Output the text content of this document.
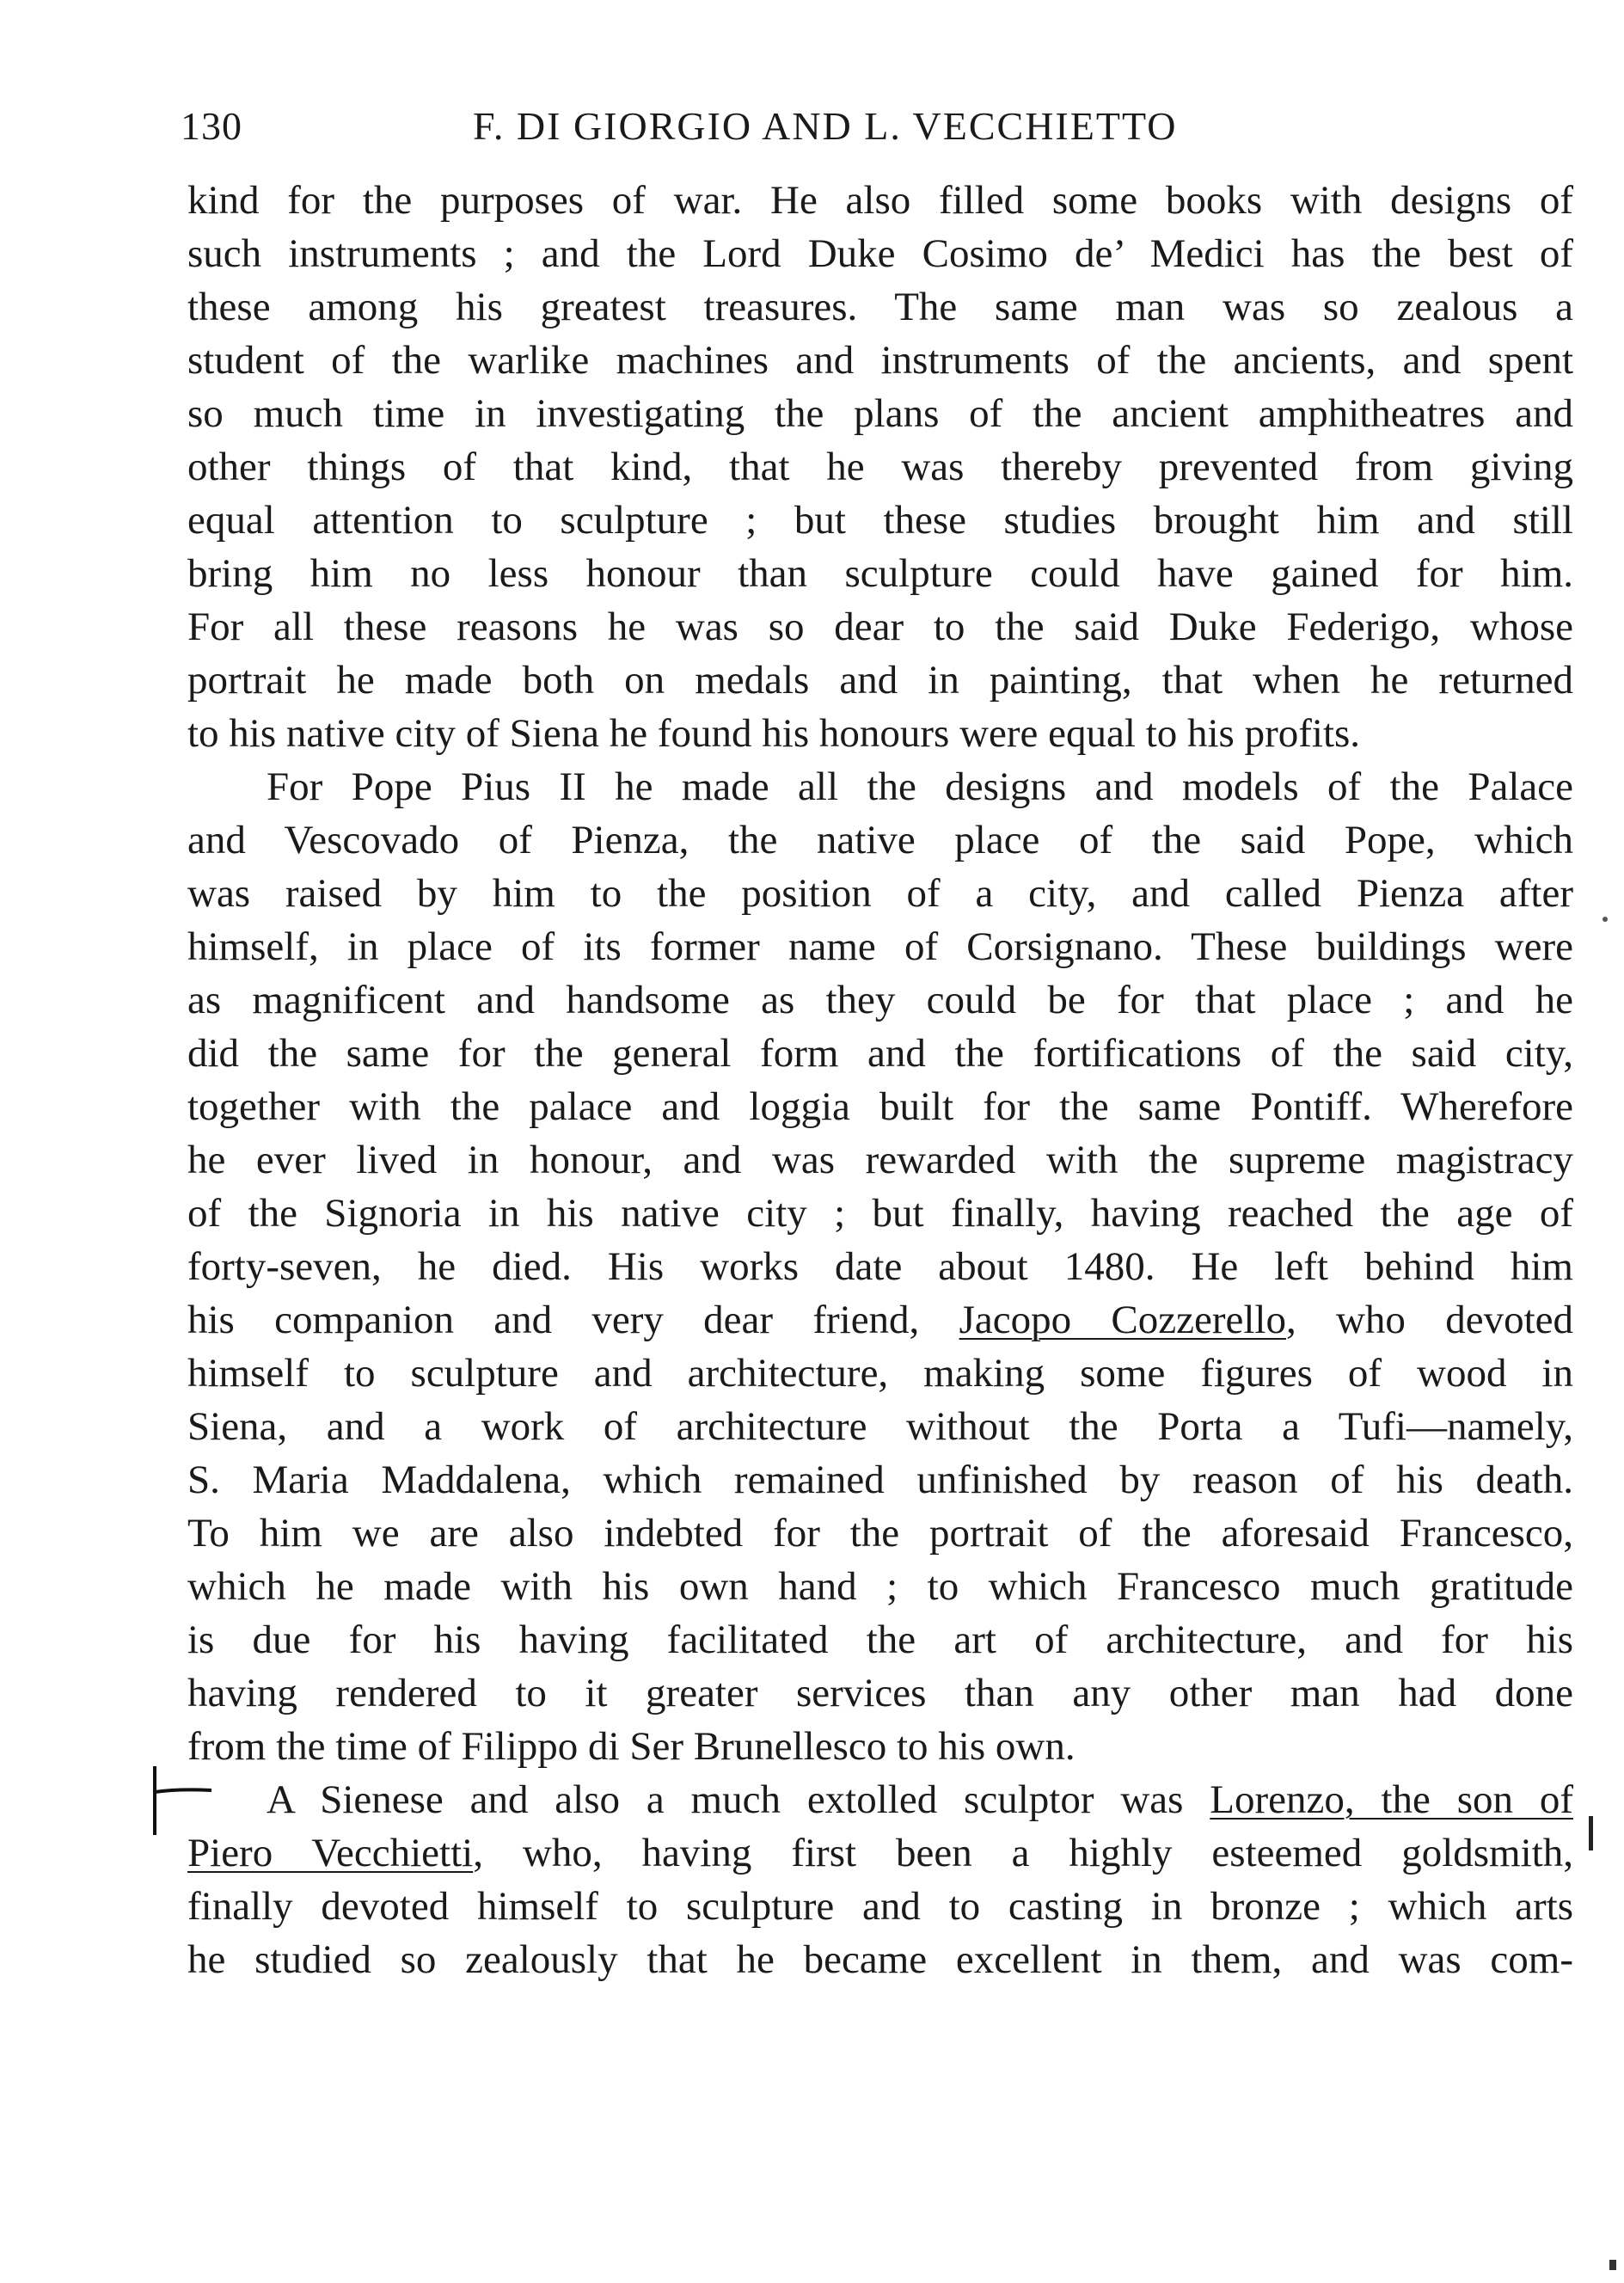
130	F. DI GIORGIO AND L. VECCHIETTO
kind for the purposes of war. He also filled some books with designs of
such instruments ; and the Lord Duke Cosimo de’ Medici has the best of
these among his greatest treasures. The same man was so zealous a
student of the warlike machines and instruments of the ancients, and spent
so much time in investigating the plans of the ancient amphitheatres and
other things of that kind, that he was thereby prevented from giving
equal attention to sculpture ; but these studies brought him and still
bring him no less honour than sculpture could have gained for him.
For all these reasons he was so dear to the said Duke Federigo, whose
portrait he made both on medals and in painting, that when he returned
to his native city of Siena he found his honours were equal to his profits.
For Pope Pius II he made all the designs and models of the Palace
and Vescovado of Pienza, the native place of the said Pope, which
was raised by him to the position of a city, and called Pienza after
himself, in place of its former name of Corsignano. These buildings were
as magnificent and handsome as they could be for that place ; and he
did the same for the general form and the fortifications of the said city,
together with the palace and loggia built for the same Pontiff. Wherefore
he ever lived in honour, and was rewarded with the supreme magistracy
of the Signoria in his native city ; but finally, having reached the age of
forty-seven, he died. His works date about 1480. He left behind him
his companion and very dear friend, Jacopo Cozzerello, who devoted
himself to sculpture and architecture, making some figures of wood in
Siena, and a work of architecture without the Porta a Tufi—namely,
S. Maria Maddalena, which remained unfinished by reason of his death.
To him we are also indebted for the portrait of the aforesaid Francesco,
which he made with his own hand ; to which Francesco much gratitude
is due for his having facilitated the art of architecture, and for his
having rendered to it greater services than any other man had done
from the time of Filippo di Ser Brunellesco to his own.
A Sienese and also a much extolled sculptor was Lorenzo, the son of
Piero Vecchietti, who, having first been a highly esteemed goldsmith,
finally devoted himself to sculpture and to casting in bronze ; which arts
he studied so zealously that he became excellent in them, and was com-
